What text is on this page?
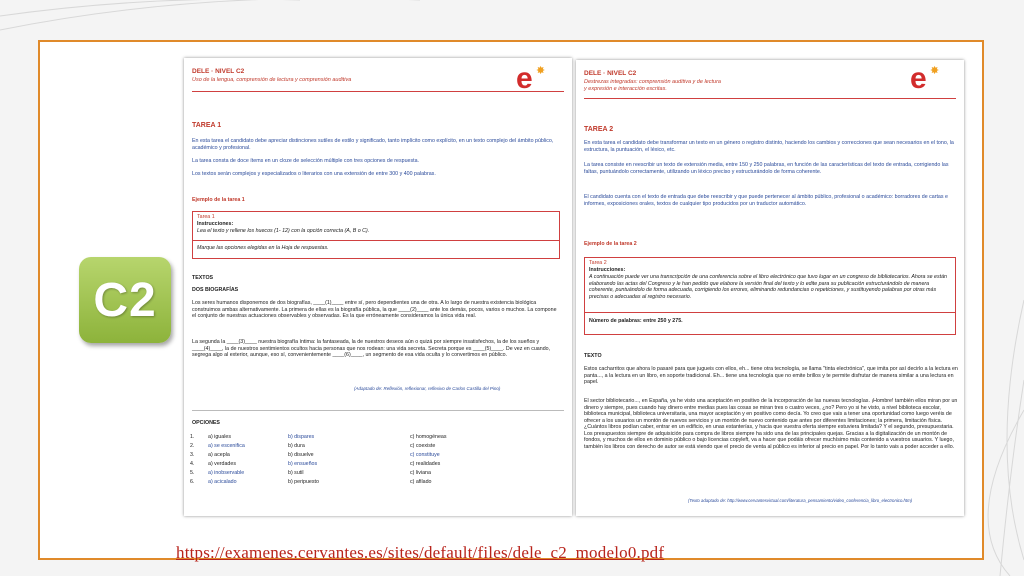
C2
DELE · NIVEL C2
Uso de la lengua, comprensión de lectura y comprensión auditiva	e ✸
TAREA 1
En esta tarea el candidato debe apreciar distinciones sutiles de estilo y significado, tanto implícito como explícito, en un texto complejo del ámbito público, académico y profesional.
La tarea consta de doce ítems en un cloze de selección múltiple con tres opciones de respuesta.
Los textos serán complejos y especializados o literarios con una extensión de entre 300 y 400 palabras.
Ejemplo de la tarea 1
Tarea 1
Instrucciones:
Lea el texto y rellene los huecos (1- 12) con la opción correcta (A, B o C).
Marque las opciones elegidas en la Hoja de respuestas.
TEXTOS
DOS BIOGRAFÍAS
Los seres humanos disponemos de dos biografías, ____(1)____ entre sí, pero dependientes una de otra. A lo largo de nuestra existencia biológica construimos ambas alternativamente. La primera de ellas es la biografía pública, la que ____(2)____ ante los demás, pocos, varios o muchos. La compone el conjunto de nuestras actuaciones observables y observadas. Es la que erróneamente consideramos la única vida real.
La segunda la ____(3)____ nuestra biografía íntima: la fantaseada, la de nuestros deseos aún o quizá por siempre insatisfechos, la de los sueños y ____(4)____, la de nuestros sentimientos ocultos hacia personas que nos rodean: una vida secreta. Secreta porque es ____(5)____. De vez en cuando, segrega algo al exterior, aunque, eso sí, convenientemente ____(6)____, un segmento de esa vida oculta y lo convertimos en público.
(Adaptado de: Reflexión, reflexionar, reflexivo de Carlos Castilla del Pino)
OPCIONES
1.	a) iguales	b) dispares	c) homogéneas
2.	a) se escenifica	b) dura	c) coexiste
3.	a) acepla	b) disuelve	c) constituye
4.	a) verdades	b) ensueños	c) realidades
5.	a) inobservable	b) sutil	c) liviana
6.	a) acicalado	b) peripuesto	c) afilado
DELE · NIVEL C2
Destrezas integradas: comprensión auditiva y de lectura
y expresión e interacción escritas.	e ✸
TAREA 2
En esta tarea el candidato debe transformar un texto en un género o registro distinto, haciendo los cambios y correcciones que sean necesarios en el tono, la estructura, la puntuación, el léxico, etc.
La tarea consiste en reescribir un texto de extensión media, entre 150 y 250 palabras, en función de las características del texto de entrada, corrigiendo las faltas, puntuándolo correctamente, utilizando un léxico preciso y estructurándolo de forma coherente.
El candidato cuenta con el texto de entrada que debe reescribir y que puede pertenecer al ámbito público, profesional o académico: borradores de cartas e informes, exposiciones orales, textos de cualquier tipo producidos por un traductor automático.
Ejemplo de la tarea 2
Tarea 2
Instrucciones:
A continuación puede ver una transcripción de una conferencia sobre el libro electrónico que tuvo lugar en un congreso de bibliotecarios. Ahora se están elaborando las actas del Congreso y le han pedido que elabore la versión final del texto y lo edite para su publicación estructurándolo de manera coherente, puntuándolo de forma adecuada, corrigiendo los errores, eliminando redundancias o repeticiones, y sustituyendo palabras por otras más precisas o adecuadas al registro necesario.
Número de palabras: entre 250 y 275.
TEXTO
Estos cacharritos que ahora lo pasaré para que jugueis con ellos, eh... tiene otra tecnología, se llama "tinta electrónica", que imita por así decirlo a la lectura en panta..., a la lectura en un libro, en soporte tradicional. Eh... tiene una tecnología que no emite brillos y te permite disfrutar de manera similar a una lectura en papel.
El sector bibliotecario..., en España, ya he visto una aceptación en positivo de la incorporación de las nuevas tecnologías. ¡Hombre! también ellos miran por un dinero y siempre, pues cuando hay dinero entre medias pues las cosas se miran tres o cuatro veces, ¿no? Pero yo si he visto, a nivel biblioteca escolar, biblioteca municipal, biblioteca universitaria, una mayor aceptación y en positivo como decía. Yo creo que vais a tener una oportunidad como luego veréis de ofrecer a los usuarios un montón de nuevos servicios y un montón de nuevo contenido que antes por diferentes limitaciones; la primera, limitación física. ¿Cuántos libros podían caber, entrar en un edificio, en unas estanterías, y hacia que vuestra oferta siempre estuviera limitada? Y el segundo, presupuestaria. Los presupuestos siempre de adquisición para compra de libros siempre ha sido una de las principales quejas. Gracias a la digitalización de un montón de fondos, y muchos de ellos en dominio público o bajo licencias copyleft, va a hacer que podáis ofrecer muchísimo más contenido a vuestros usuarios. Y luego, también los libros con derecho de autor se está viendo que el precio de venta al público es inferior al precio en papel. Por lo tanto vais a poder acceder a ello.
(Texto adaptado de: http://www.cervantesvirtual.com/literatura_pensamiento/video_conferencia_libro_electronico.htm)
https://examenes.cervantes.es/sites/default/files/dele_c2_modelo0.pdf
